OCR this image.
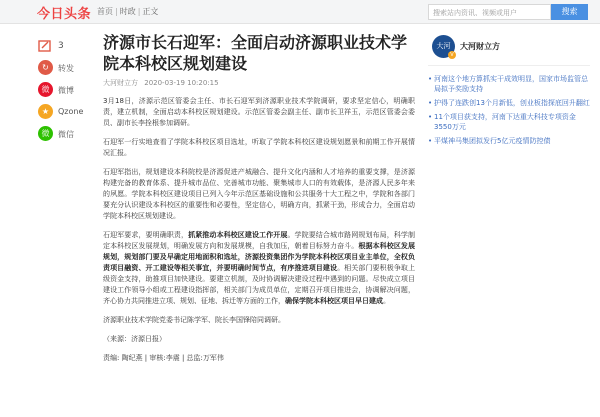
今日头条 首页 | 时政 | 正文	搜索站内资讯、视频或用户	搜索
3
↻	转发
微	微博
★	Qzone
微	微信
济源市长石迎军：全面启动济源职业技术学院本科校区规划建设
大河财立方 2020-03-19 10:20:15

3月18日，济源示范区管委会主任、市长石迎军到济源职业技术学院调研，要求坚定信心，明确职责，建立机制，全面启动本科校区规划建设。示范区管委会副主任、副市长卫祥玉，示范区管委会委员、副市长李拴根参加调研。

石迎军一行实地查看了学院本科校区项目选址，听取了学院本科校区建设规划愿景和前期工作开展情况汇报。

石迎军指出，规划建设本科院校是济源促进产城融合、提升文化内涵和人才培养的重要支撑，是济源构建完备的教育体系、提升城市品位、完善城市功能、聚集城市人口的有效载体，是济源人民多年来的夙愿。学院本科校区建设项目已列入今年示范区基础设施和公共服务十大工程之中，学院和各部门要充分认识建设本科校区的重要性和必要性，坚定信心，明确方向，抓紧干劲，形成合力，全面启动学院本科校区规划建设。

石迎军要求，要明确职责，抓紧推动本科校区建设工作开展。学院要结合城市路网规划布局，科学制定本科校区发展规划，明确发展方向和发展规模，自我加压，朝着目标努力奋斗。根据本科校区发展规划，规划部门要及早确定用地面积和选址，济源投资集团作为学院本科校区项目业主单位，全权负责项目融资、开工建设等相关事宜，并要明确时间节点，有序推进项目建设。相关部门要积极争取上级资金支持，助推项目加快建设。要建立机制，及时协调解决建设过程中遇到的问题。尽快成立项目建设工作领导小组或工程建设指挥部，相关部门为成员单位，定期召开项目推进会，协调解决问题，齐心协力共同推进立项、规划、征地、拆迁等方面的工作，确保学院本科校区项目早日建成。

济源职业技术学院党委书记陈学军、院长李国锋陪同调研。

（来源：济源日报）

责编: 陶纪燕 | 审核:李震 | 总监:万军伟
大河
V
大河财立方
• 河南这个地方算抓实干成效明显，国家市场监管总局拟予奖励支持
• 护得了连跌创13个月新低，创业板指探底回升翻红
• 11个项目获支持，河南下达重大科技专项资金3550万元
• 平煤神马集团拟发行5亿元疫情防控债
